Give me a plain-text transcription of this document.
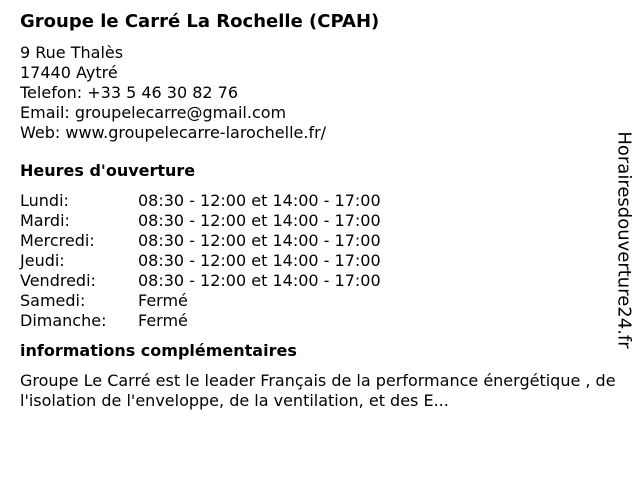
Groupe le Carré La Rochelle (CPAH)
9 Rue Thalès
17440 Aytré
Telefon: +33 5 46 30 82 76
Email: groupelecarre@gmail.com
Web: www.groupelecarre-larochelle.fr/
Heures d'ouverture
Lundi:	08:30 - 12:00 et 14:00 - 17:00
Mardi:	08:30 - 12:00 et 14:00 - 17:00
Mercredi:	08:30 - 12:00 et 14:00 - 17:00
Jeudi:	08:30 - 12:00 et 14:00 - 17:00
Vendredi:	08:30 - 12:00 et 14:00 - 17:00
Samedi:	Fermé
Dimanche:	Fermé
informations complémentaires
Groupe Le Carré est le leader Français de la performance énergétique , de l'isolation de l'enveloppe, de la ventilation, et des E...
Horairesdouverture24.fr
